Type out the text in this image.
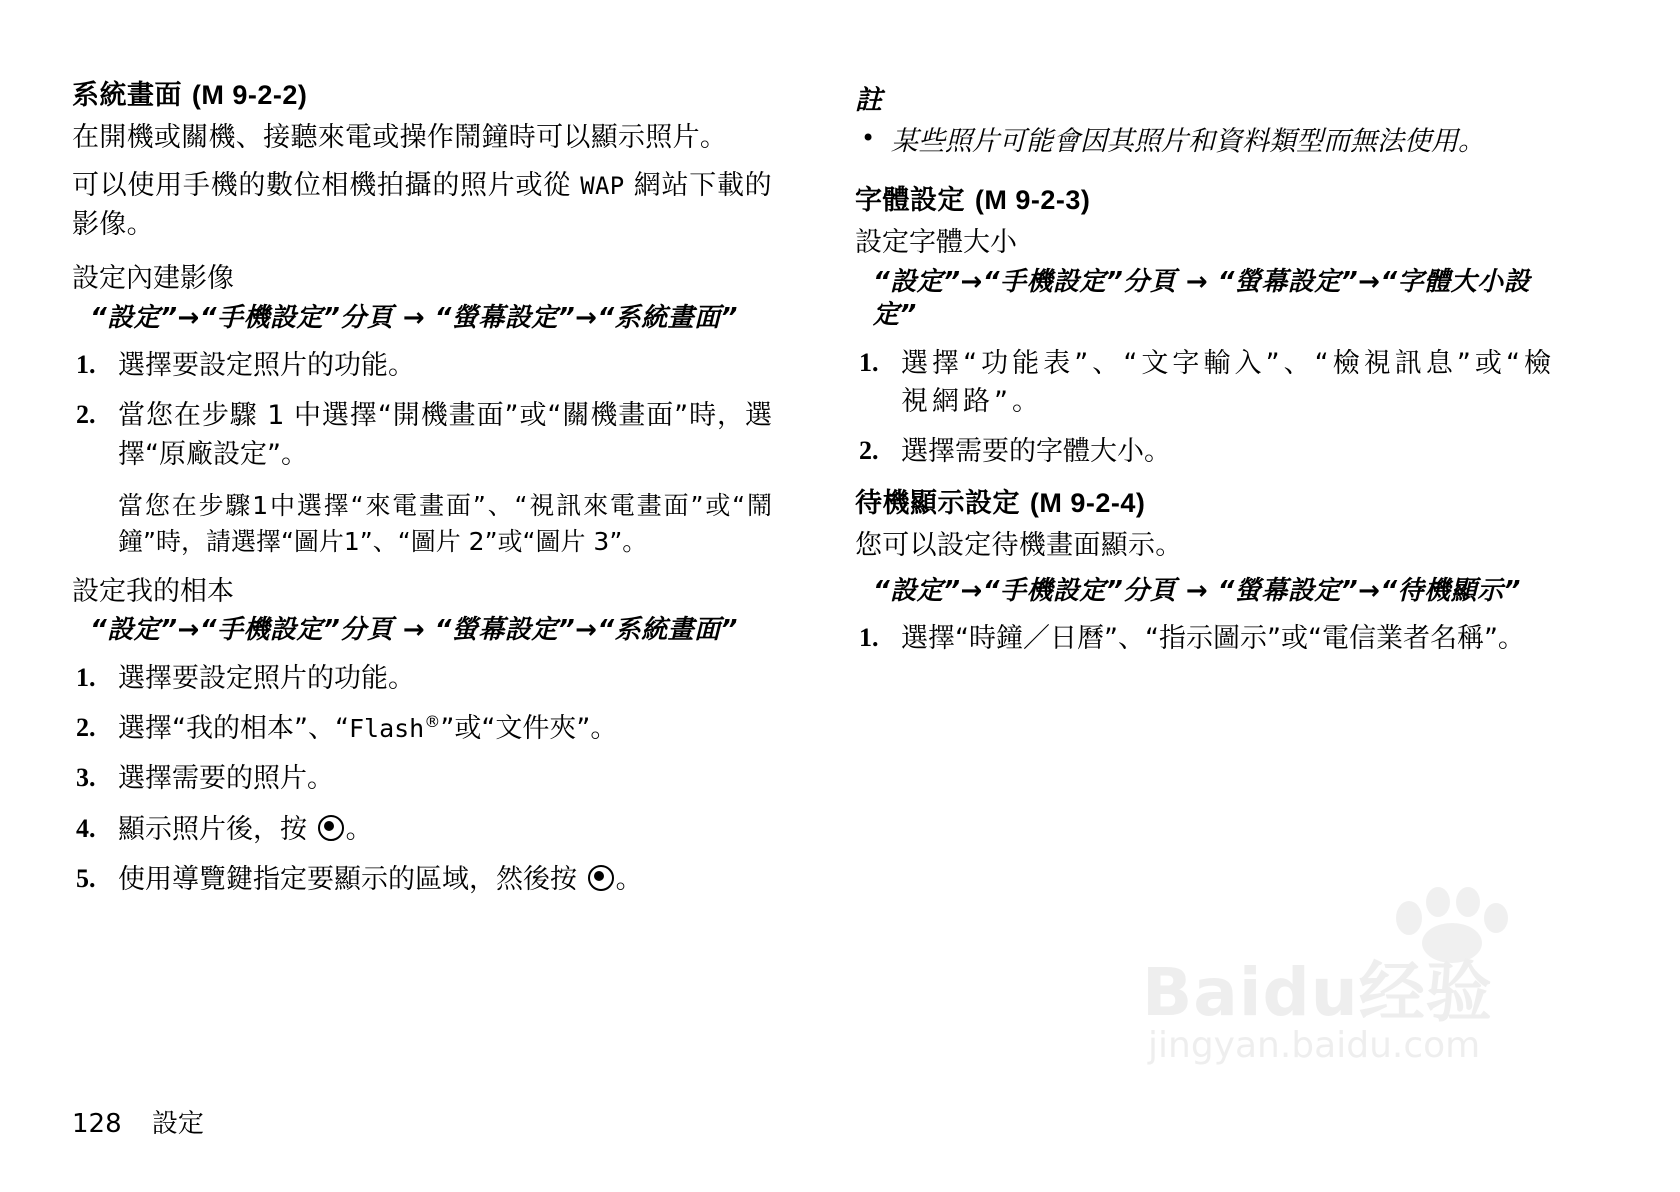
系統畫面 (M 9-2-2)

在開機或關機、接聽來電或操作鬧鐘時可以顯示照片。

可以使用手機的數位相機拍攝的照片或從 WAP 網站下載的影像。

設定內建影像
“設定”→“手機設定”分頁 → “螢幕設定”→“系統畫面”
1. 選擇要設定照片的功能。
2. 當您在步驟 1 中選擇“開機畫面”或“關機畫面”時，選擇“原廠設定”。
當您在步驟1中選擇“來電畫面”、“視訊來電畫面”或“鬧鐘”時，請選擇“圖片1”、“圖片 2”或“圖片 3”。
設定我的相本
“設定”→“手機設定”分頁 → “螢幕設定”→“系統畫面”
1. 選擇要設定照片的功能。
2. 選擇“我的相本”、“Flash®”或“文件夾”。
3. 選擇需要的照片。
4. 顯示照片後，按 。
5. 使用導覽鍵指定要顯示的區域，然後按 。
註
• 某些照片可能會因其照片和資料類型而無法使用。
字體設定 (M 9-2-3)
設定字體大小
“設定”→“手機設定”分頁 → “螢幕設定”→“字體大小設定”
1. 選擇“功能表”、“文字輸入”、“檢視訊息”或“檢視網路”。
2. 選擇需要的字體大小。
待機顯示設定 (M 9-2-4)

您可以設定待機畫面顯示。

“設定”→“手機設定”分頁 → “螢幕設定”→“待機顯示”
1. 選擇“時鐘／日曆”、“指示圖示”或“電信業者名稱”。
Baidu经验
jingyan.baidu.com
128 設定
